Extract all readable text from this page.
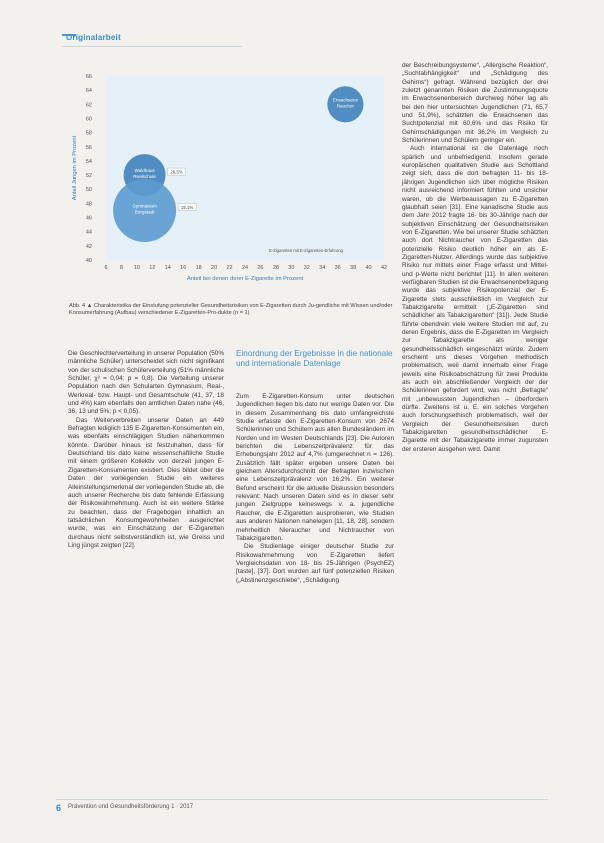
Originalarbeit
66
64
62
60
58
56
54
52
50
48
46
44
42
40
6 8 10 12 14 16 18 20 22 24 26 28 30 32 34 36 38 40 42
Anteil Jungen im Prozent
Anteil bei denen derer E-Zigarette im Prozent
Waldhaus
Realschule
26,5%
Gymnasium
Bergstadt
15,1%
Erwachsene
Raucher
E-Zigaretten mit E-Zigaretten-Erfahrung
Abb. 4 ▲ Charakteristika der Einstufung potenzieller Gesundheitsrisiken von E-Zigaretten durch Ju-gendliche mit Wissen und/oder Konsumerfahrung (Aufbau) verschiedener E-Zigaretten-Pro-dukte (n = 1)
Einordnung der Ergebnisse in die nationale und internationale Datenlage

Die Geschlechterverteilung in unserer Population (50% männliche Schüler) unterscheidet sich nicht signifikant von der schulischen Schülerverteilung (51% männliche Schüler, χ² = 0,04; p = 0,8). Die Verteilung unserer Population nach den Schularten Gymnasium, Real-, Werkreal- bzw. Haupt- und Gesamtschule (41, 37, 18 und 4%) kam ebenfalls den amtlichen Daten nahe (46, 36, 13 und 5%; p < 0,05).

Das Weiterverbreiten unserer Daten an 449 Befragten lediglich 135 E-Zigaretten-Konsumenten ein, was ebenfalls einschlägigen Studien näherkommen könnte. Darüber hinaus ist festzuhalten, dass für Deutschland bis dato keine wissenschaftliche Studie mit einem größeren Kollektiv von derzeit jungen E-Zigaretten-Konsumenten existiert. Dies bildet über die Daten der vorliegenden Studie ein weiteres Alleinstellungsmerkmal der vorliegenden Studie ab, die auch unserer Recherche bis dato fehlende Erfassung der Risikowahrnehmung. Auch ist ein weitere Stärke zu beachten, dass der Fragebogen inhaltlich an tatsächlichen Konsumgewohnheiten ausgerichtet wurde, was ein Einschätzung der E-Zigaretten durchaus nicht selbstverständlich ist, wie Greiss und Ling jüngst zeigten [22].

Zum E-Zigaretten-Konsum unter deutschen Jugendlichen liegen bis dato nur wenige Daten vor. Die in diesem Zusammenhang bis dato umfangreichste Studie erfasste den E-Zigaretten-Konsum von 2674 Schülerinnen und Schülern aus allen Bundesländern im Norden und im Westen Deutschlands [23]. Die Autoren berichten die Lebenszeitprävalenz für das Erhebungsjahr 2012 auf 4,7% (umgerechnet n = 126). Zusätzlich fällt später ergeben unsere Daten bei gleichem Altersdurchschnitt der Befragten inzwischen eine Lebenszeitprävalenz von 16,2%. Ein weiterer Befund erscheint für die aktuelle Diskussion besonders relevant: Nach unseren Daten sind es in dieser sehr jungen Zielgruppe keineswegs v. a. jugendliche Raucher, die E-Zigaretten ausprobieren, wie Studien aus anderen Nationen nahelegen [11, 18, 28], sondern mehrheitlich Nieraucher und Nichtraucher von Tabakzigaretten.

Die Studienlage einiger deutscher Studie zur Risikowahrnehmung von E-Zigaretten liefert Vergleichsdaten von 18- bis 25-Jährigen (PsychEZ) [taste], [37]. Dort wurden auf fünf potenziellen Risiken („Abstinenzgeschiebe“, „Schädigung

der Beschreibungsysteme“, „Allergische Reaktion“, „Suchtabhängigkeit“ und „Schädigung des Gehirns“) gefragt. Während bezüglich der drei zuletzt genannten Risiken die Zustimmungsquote im Erwachsenenbereich durchweg höher lag als bei den hier untersuchten Jugendlichen (71, 65,7 und 51,9%), schätzten die Erwachsenen das Suchtpotenzial mit 60,6% und das Risiko für Gehirnschädigungen mit 36,2% im Vergleich zu Schülerinnen und Schülern geringer ein.

Auch international ist die Datenlage noch spärlich und unbefriedigend. Insofern gerade europäischen qualitativen Studie aus Schottland zeigt sich, dass die dort befragten 11- bis 18-jährigen Jugendlichen sich über mögliche Risiken nicht ausreichend informiert fühlten und unsicher waren, ob die Werbeaussagen zu E-Zigaretten glaubhaft seien [31]. Eine kanadische Studie aus dem Jahr 2012 fragte 16- bis 30-Jährige nach der subjektiven Einschätzung der Gesundheitsrisiken von E-Zigaretten. Wie bei unserer Studie schätzten auch dort Nichtraucher von E-Zigaretten das potenzielle Risiko deutlich höher ein als E-Zigaretten-Nutzer. Allerdings wurde das subjektive Risiko nur mittels einer Frage erfasst und Mittel- und p-Werte nicht berichtet [11]. In allen weiteren verfügbaren Studien ist die Erwachsenenbefragung wurde das subjektive Risikopotenzial der E-Zigarette stets ausschließlich im Vergleich zur Tabakzigarette ermittelt („E-Zigaretten sind schädlicher als Tabakzigaretten“ [31]). Jede Studie führte obendrein viele weitere Studien mit auf, zu deren Ergebnis, dass die E-Zigaretten im Vergleich zur Tabakzigarette als weniger gesundheitsschädlich eingeschätzt würde. Zudem erscheint uns dieses Vorgehen methodisch problematisch, weil damit innerhalb einer Frage jeweils eine Risikoabschätzung für zwei Produkte als auch ein abschließender Vergleich der der Schülerinnen gefordert wird, was nicht „Befragte“ mit „unbewussten Jugendlichen – überfordern dürfte. Zweitens ist u. E. ein solches Vorgehen auch forschungsethisch problematisch, weil der Vergleich der Gesundheitsrisiken durch Tabakzigaretten gesundheitsschädlicher E-Zigarette mit der Tabakzigarette immer zugunsten der ersteren ausgehen wird. Damit

6 Prävention und Gesundheitsförderung 1 · 2017
